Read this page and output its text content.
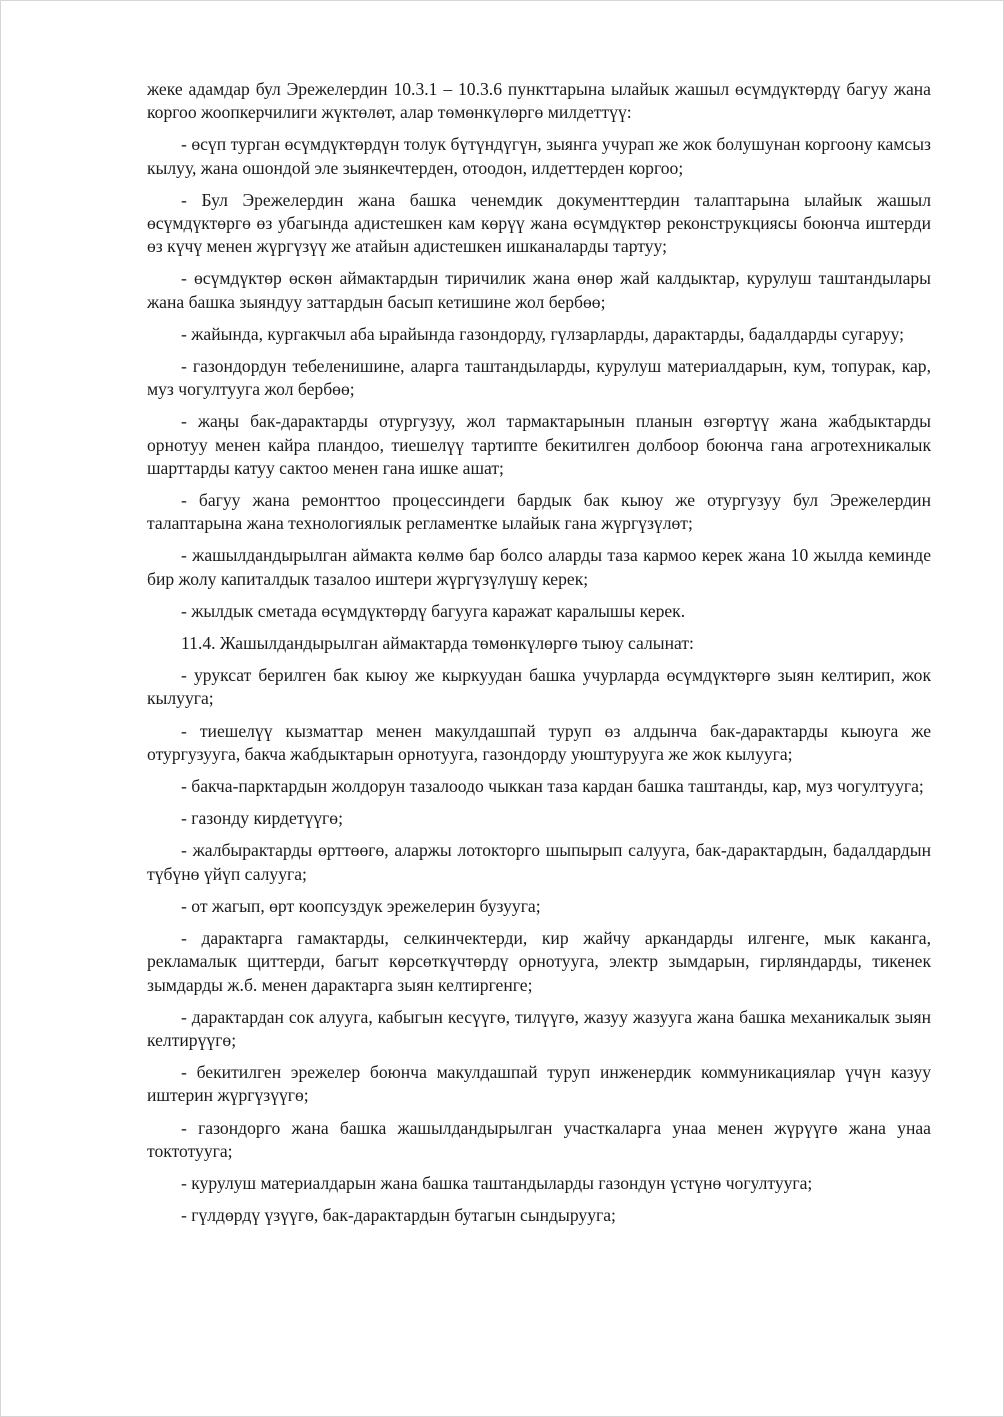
жеке адамдар бул Эрежелердин 10.3.1 – 10.3.6 пункттарына ылайык жашыл өсүмдүктөрдү багуу жана коргоо жоопкерчилиги жүктөлөт, алар төмөнкүлөргө милдеттүү:

- өсүп турган өсүмдүктөрдүн толук бүтүндүгүн, зыянга учурап же жок болушунан коргоону камсыз кылуу, жана ошондой эле зыянкечтерден, отоодон, илдеттерден коргоо;

- Бул Эрежелердин жана башка ченемдик документтердин талаптарына ылайык жашыл өсүмдүктөргө өз убагында адистешкен кам көрүү жана өсүмдүктөр реконструкциясы боюнча иштерди өз күчү менен жүргүзүү же атайын адистешкен ишканаларды тартуу;

- өсүмдүктөр өскөн аймактардын тиричилик жана өнөр жай калдыктар, курулуш таштандылары жана башка зыяндуу заттардын басып кетишине жол бербөө;

- жайында, кургакчыл аба ырайында газондорду, гүлзарларды, дарактарды, бадалдарды сугаруу;

- газондордун тебеленишине, аларга таштандыларды, курулуш материалдарын, кум, топурак, кар, муз чогултууга жол бербөө;

- жаңы бак-дарактарды отургузуу, жол тармактарынын планын өзгөртүү жана жабдыктарды орнотуу менен кайра пландоо, тиешелүү тартипте бекитилген долбоор боюнча гана агротехникалык шарттарды катуу сактоо менен гана ишке ашат;

- багуу жана ремонттоо процессиндеги бардык бак кыюу же отургузуу бул Эрежелердин талаптарына жана технологиялык регламентке ылайык гана жүргүзүлөт;

- жашылдандырылган аймакта көлмө бар болсо аларды таза кармоо керек жана 10 жылда кеминде бир жолу капиталдык тазалоо иштери жүргүзүлүшү керек;

- жылдык сметада өсүмдүктөрдү багууга каражат каралышы керек.

11.4. Жашылдандырылган аймактарда төмөнкүлөргө тыюу салынат:

- уруксат берилген бак кыюу же кыркуудан башка учурларда өсүмдүктөргө зыян келтирип, жок кылууга;

- тиешелүү кызматтар менен макулдашпай туруп өз алдынча бак-дарактарды кыюуга же отургузууга, бакча жабдыктарын орнотууга, газондорду уюштурууга же жок кылууга;

- бакча-парктардын жолдорун тазалоодо чыккан таза кардан башка таштанды, кар, муз чогултууга;

- газонду кирдетүүгө;

- жалбырактарды өрттөөгө, аларжы лотокторго шыпырып салууга, бак-дарактардын, бадалдардын түбүнө үйүп салууга;

- от жагып, өрт коопсуздук эрежелерин бузууга;

- дарактарга гамактарды, селкинчектерди, кир жайчу аркандарды илгенге, мык каканга, рекламалык щиттерди, багыт көрсөткүчтөрдү орнотууга, электр зымдарын, гирляндарды, тикенек зымдарды ж.б. менен дарактарга зыян келтиргенге;

- дарактардан сок алууга, кабыгын кесүүгө, тилүүгө, жазуу жазууга жана башка механикалык зыян келтирүүгө;

- бекитилген эрежелер боюнча макулдашпай туруп инженердик коммуникациялар үчүн казуу иштерин жүргүзүүгө;

- газондорго жана башка жашылдандырылган участкаларга унаа менен жүрүүгө жана унаа токтотууга;

- курулуш материалдарын жана башка таштандыларды газондун үстүнө чогултууга;

- гүлдөрдү үзүүгө, бак-дарактардын бутагын сындырууга;
